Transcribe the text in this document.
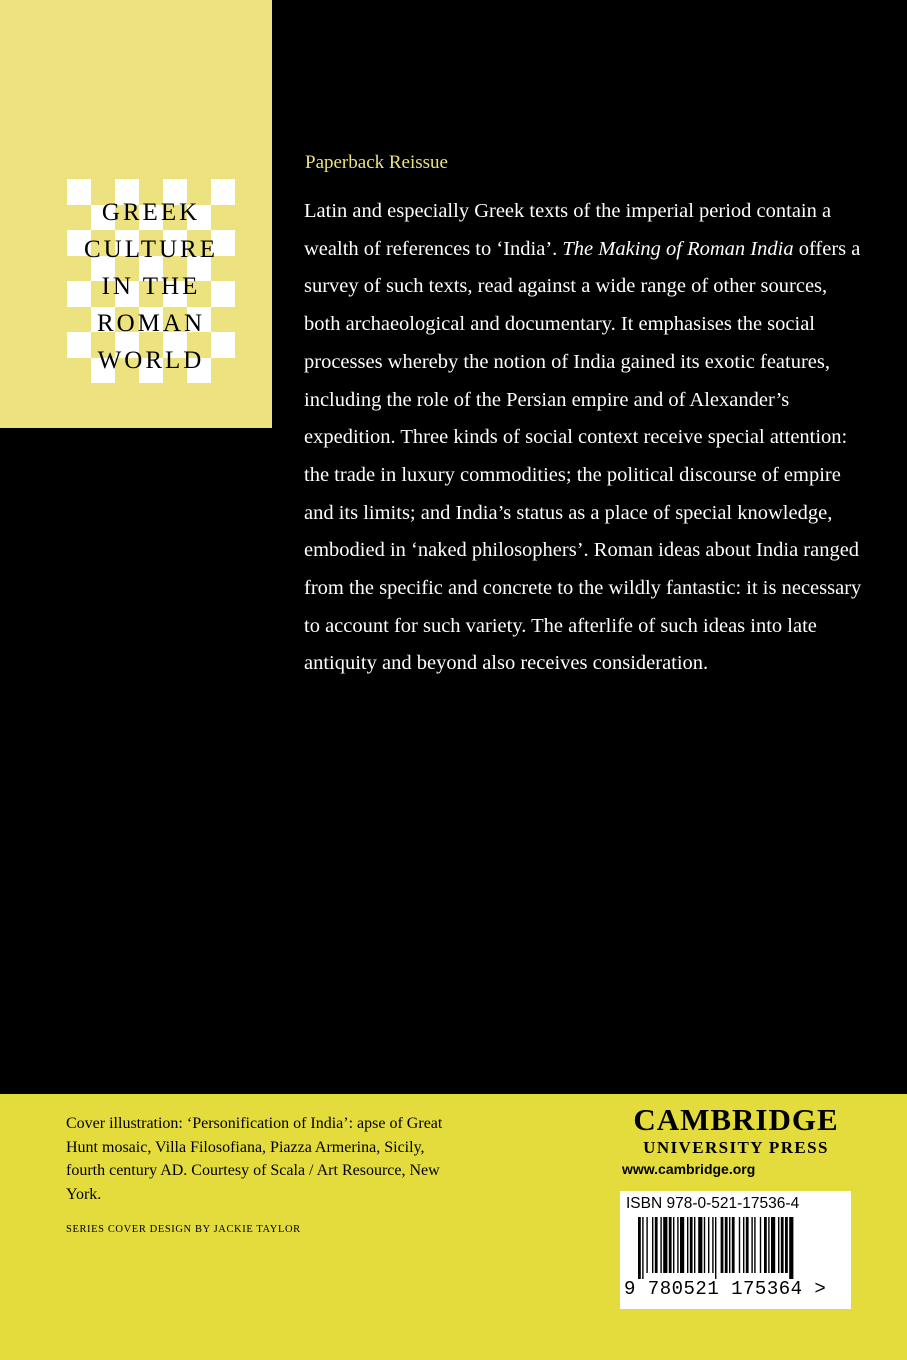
GREEK
CULTURE
IN THE
ROMAN
WORLD
Paperback Reissue

Latin and especially Greek texts of the imperial period contain a wealth of references to ‘India’. The Making of Roman India offers a survey of such texts, read against a wide range of other sources, both archaeological and documentary. It emphasises the social processes whereby the notion of India gained its exotic features, including the role of the Persian empire and of Alexander’s expedition. Three kinds of social context receive special attention: the trade in luxury commodities; the political discourse of empire and its limits; and India’s status as a place of special knowledge, embodied in ‘naked philosophers’. Roman ideas about India ranged from the specific and concrete to the wildly fantastic: it is necessary to account for such variety. The afterlife of such ideas into late antiquity and beyond also receives consideration.

Cover illustration: ‘Personification of India’: apse of Great Hunt mosaic, Villa Filosofiana, Piazza Armerina, Sicily, fourth century AD. Courtesy of Scala / Art Resource, New York.
SERIES COVER DESIGN BY JACKIE TAYLOR
CAMBRIDGE
UNIVERSITY PRESS
www.cambridge.org
ISBN 978-0-521-17536-4
9 780521 175364 >
